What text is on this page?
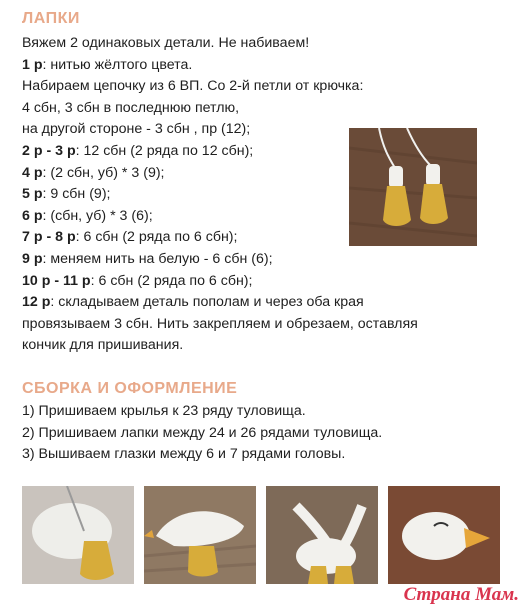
ЛАПКИ
Вяжем 2 одинаковых детали. Не набиваем!
1 р: нитью жёлтого цвета.
Набираем цепочку из 6 ВП. Со 2-й петли от крючка:
4 сбн, 3 сбн в последнюю петлю,
на другой стороне - 3 сбн , пр (12);
2 р - 3 р: 12 сбн (2 ряда по 12 сбн);
4 р: (2 сбн, уб) * 3 (9);
5 р: 9 сбн (9);
6 р: (сбн, уб) * 3 (6);
7 р - 8 р: 6 сбн (2 ряда по 6 сбн);
9 р: меняем нить на белую - 6 сбн (6);
10 р - 11 р: 6 сбн (2 ряда по 6 сбн);
12 р: складываем деталь пополам и через оба края
провязываем 3 сбн. Нить закрепляем и обрезаем, оставляя
кончик для пришивания.
СБОРКА И ОФОРМЛЕНИЕ
1) Пришиваем крылья к 23 ряду туловища.
2) Пришиваем лапки между 24 и 26 рядами туловища.
3) Вышиваем глазки между 6 и 7 рядами головы.
Страна Мам.
